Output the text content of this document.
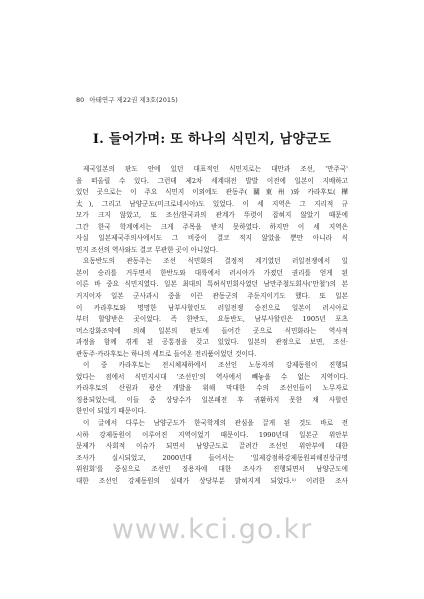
80 아태연구 제22권 제3호(2015)
Ⅰ. 들어가며: 또 하나의 식민지, 남양군도
제국일본의 판도 안에 있던 대표적인 식민지로는 대만과 조선, '만주국'
을 떠올릴 수 있다. 그런데 제2차 세계대전 발발 이전에 일본이 지배하고
있던 곳으로는 이 주요 식민지 이외에도 관동주(關東州)와 카라후토(樺
太), 그리고 남양군도(미크로네시아)도 있었다. 이 세 지역은 그 지리적 규
모가 크지 않았고, 또 조선/한국과의 관계가 뚜렷이 잡혀지 않았기 때문에
그간 한국 학계에서는 크게 주목을 받지 못하였다. 하지만 이 세 지역은
사실 일본제국주의사에서도 그 비중이 결코 적지 않았을 뿐만 아니라 식
민지 조선의 역사와도 결코 무관한 곳이 아니었다.
요동반도의 관동주는 조선 식민화의 결정적 계기였던 러일전쟁에서 일
본이 승리를 거두면서 한반도와 대륙에서 러시아가 가졌던 권리를 얻게 된
이른 바 중요 식민지였다. 일본 최대의 특허식민회사였던 남만주철도회사('만철')의 본
거지이자 일본 군사과시 중을 이끈 관동군의 주둔지이기도 했다. 또 일본
이 카라후토와 명명한 남부사할린도 러일전쟁 승전으로 일본이 러시아로
부터 할양받은 곳이었다. 즉 한반도, 요동반도, 남부사할린은 1905년 포츠
머스강화조약에 의해 일본의 판도에 들어간 곳으로 식민화라는 역사적
과정을 함께 겪게 된 공통점을 갖고 있었다. 일본의 관점으로 보면, 조선·
관동주·카라후토는 하나의 세트로 들어온 전리품이었던 것이다.
이 중 카라후토는 전시체제하에서 조선인 노동자의 강제동원이 진행되
었다는 점에서 식민지시대 '조선인'의 역사에서 빼놓을 수 없는 지역이다.
카라후토의 산림과 광산 개발을 위해 막대한 수의 조선인들이 노무자로
징용되었는데, 이들 중 상당수가 일본패전 후 귀환하지 못한 채 사할린
한인이 되었기 때문이다.
이 글에서 다루는 남양군도가 한국학계의 관심을 끌게 된 것도 바로 전
시하 강제동원이 이루어진 지역이었기 때문이다. 1990년대 일본군 위안부
문제가 사회적 이슈가 되면서 남양군도로 끌려간 조선인 위안부에 대한
조사가 실시되었고, 2000년대 들어서는 '일제강점하강제동원피해진상규명
위원회'를 중심으로 조선인 징용자에 대한 조사가 진행되면서 남양군도에
대한 조선인 강제동원의 실태가 상당부분 밝혀지게 되었다.¹⁾ 이러한 조사
www.kci.go.kr
